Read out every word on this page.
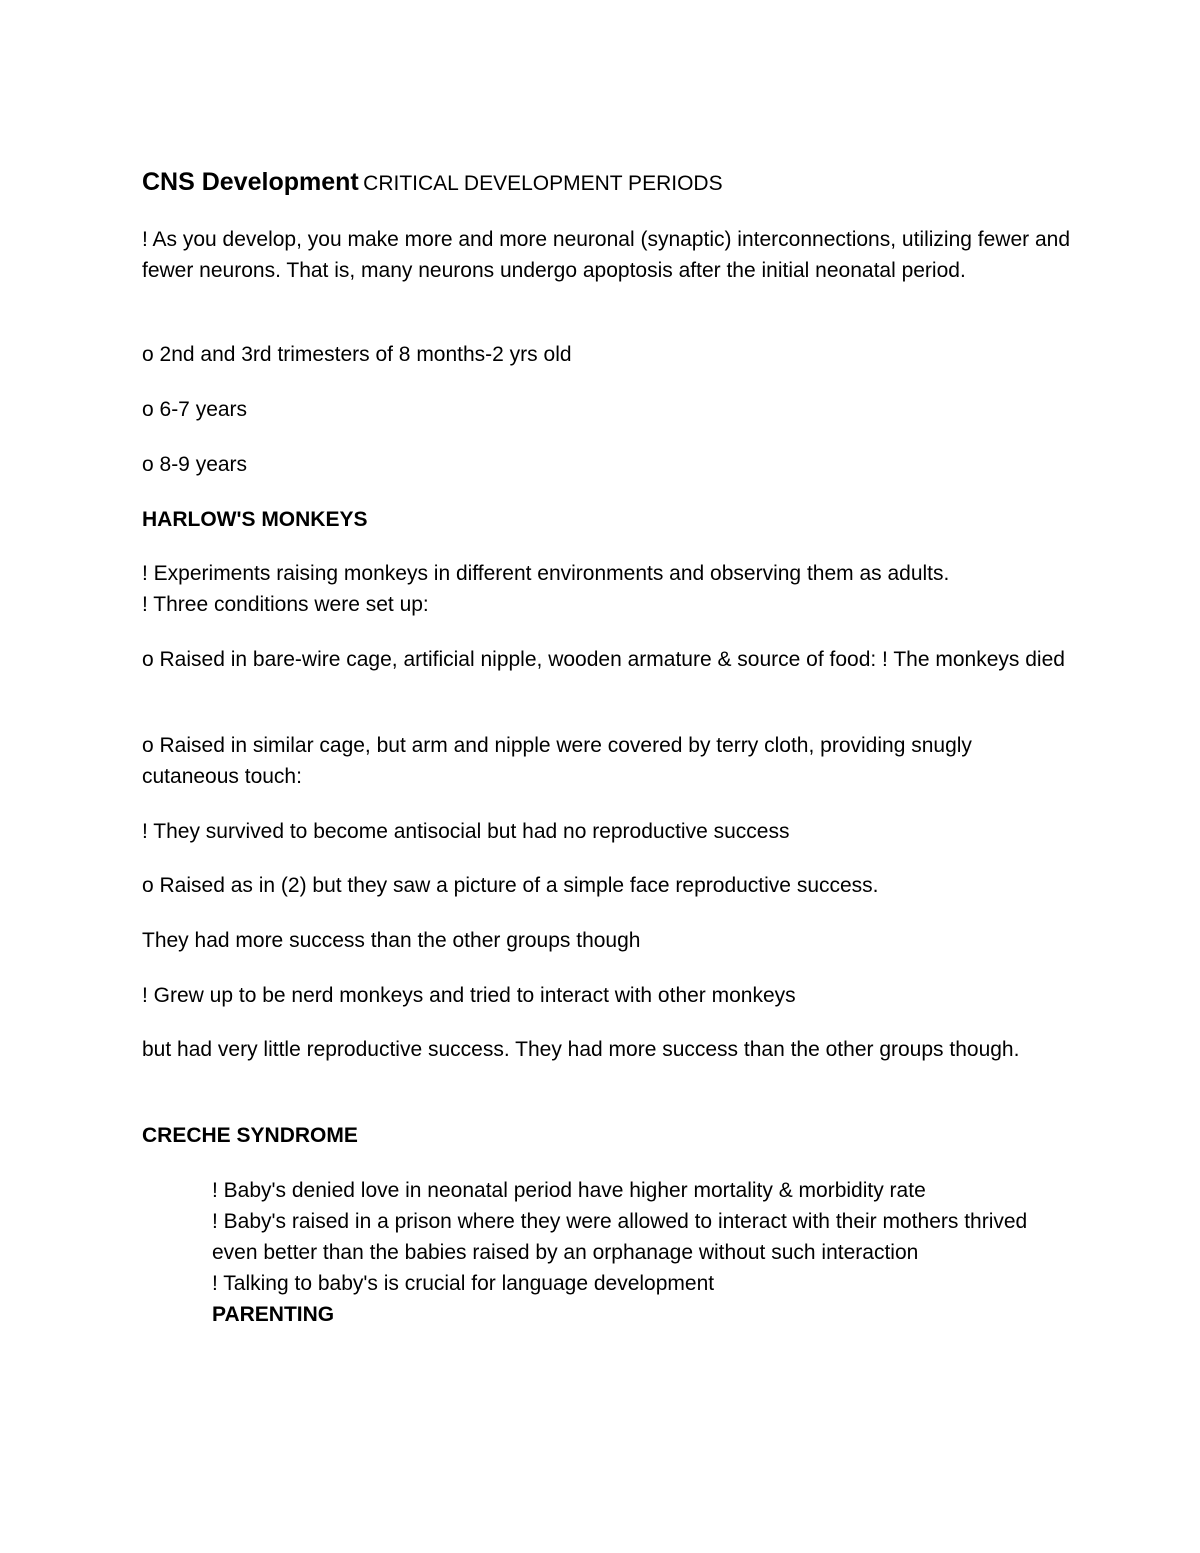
CNS Development CRITICAL DEVELOPMENT PERIODS

! As you develop, you make more and more neuronal (synaptic) interconnections, utilizing fewer and fewer neurons. That is, many neurons undergo apoptosis after the initial neonatal period.

o 2nd and 3rd trimesters of 8 months-2 yrs old

o 6-7 years

o 8-9 years

HARLOW'S MONKEYS

! Experiments raising monkeys in different environments and observing them as adults.
! Three conditions were set up:

o Raised in bare-wire cage, artificial nipple, wooden armature & source of food: ! The monkeys died

o Raised in similar cage, but arm and nipple were covered by terry cloth, providing snugly cutaneous touch:

! They survived to become antisocial but had no reproductive success

o Raised as in (2) but they saw a picture of a simple face reproductive success.

They had more success than the other groups though

! Grew up to be nerd monkeys and tried to interact with other monkeys

but had very little reproductive success. They had more success than the other groups though.

CRECHE SYNDROME

! Baby's denied love in neonatal period have higher mortality & morbidity rate
! Baby's raised in a prison where they were allowed to interact with their mothers thrived even better than the babies raised by an orphanage without such interaction
! Talking to baby's is crucial for language development
PARENTING
